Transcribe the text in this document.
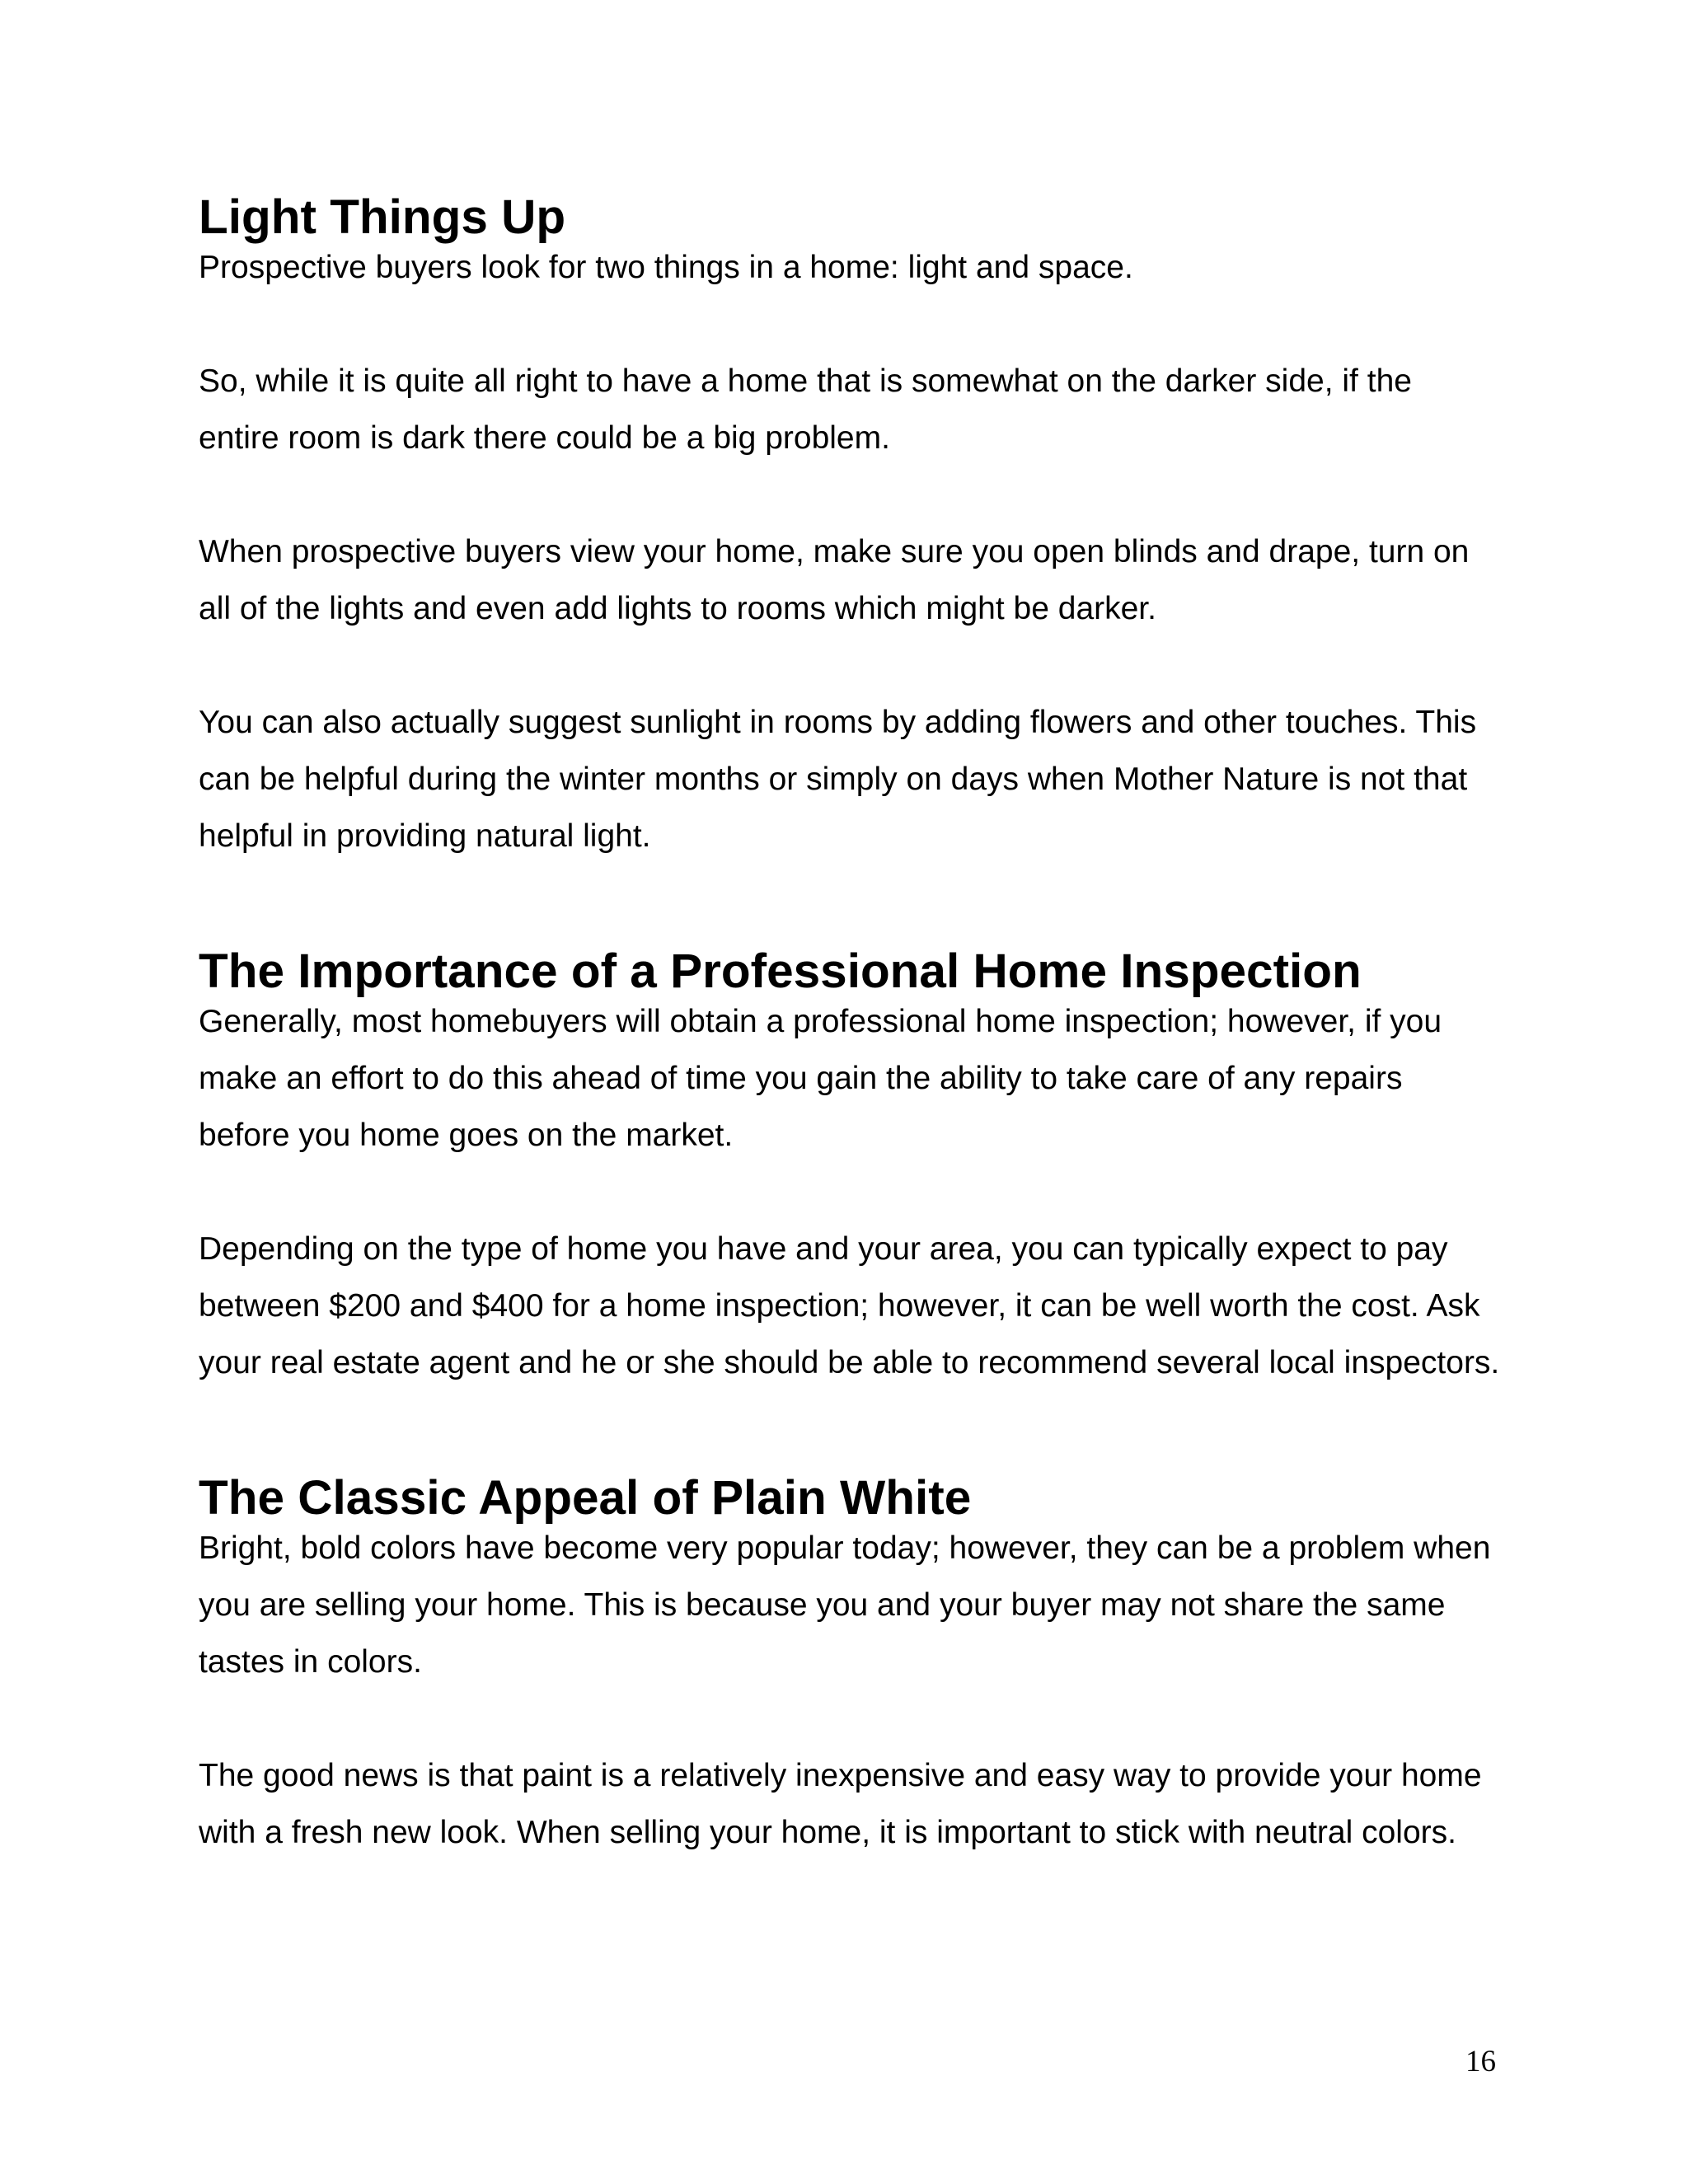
Light Things Up

Prospective buyers look for two things in a home: light and space.

So, while it is quite all right to have a home that is somewhat on the darker side, if the entire room is dark there could be a big problem.

When prospective buyers view your home, make sure you open blinds and drape, turn on all of the lights and even add lights to rooms which might be darker.

You can also actually suggest sunlight in rooms by adding flowers and other touches. This can be helpful during the winter months or simply on days when Mother Nature is not that helpful in providing natural light.

The Importance of a Professional Home Inspection

Generally, most homebuyers will obtain a professional home inspection; however, if you make an effort to do this ahead of time you gain the ability to take care of any repairs before you home goes on the market.

Depending on the type of home you have and your area, you can typically expect to pay between $200 and $400 for a home inspection; however, it can be well worth the cost. Ask your real estate agent and he or she should be able to recommend several local inspectors.

The Classic Appeal of Plain White

Bright, bold colors have become very popular today; however, they can be a problem when you are selling your home. This is because you and your buyer may not share the same tastes in colors.

The good news is that paint is a relatively inexpensive and easy way to provide your home with a fresh new look. When selling your home, it is important to stick with neutral colors.

16
